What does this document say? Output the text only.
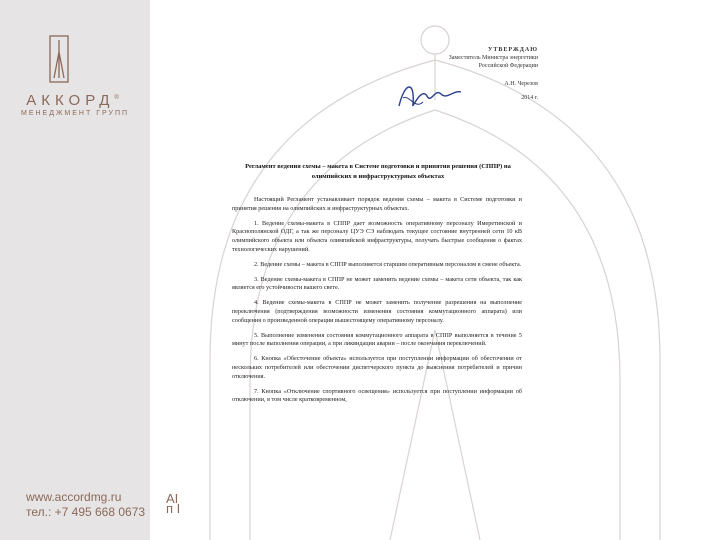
АККОРД®
МЕНЕДЖМЕНТ ГРУПП
www.accordmg.ru
тел.: +7 495 668 0673
AI
п І
УТВЕРЖДАЮ
Заместитель Министра энергетики
Российской Федерации
А.Н. Черезов
2014 г.
Регламент ведения схемы – макета в Системе подготовки и принятия решения (СППР) на олимпийских и инфраструктурных объектах

Настоящий Регламент устанавливает порядок ведения схемы – макета в Системе подготовки и принятия решения на олимпийских и инфраструктурных объектах.

1. Ведение схемы-макета в СППР дает возможность оперативному персоналу Имеретинской и Краснополянской ОДГ, а так же персоналу ЦУЭ СЭ наблюдать текущее состояние внутренней сети 10 кВ олимпийского объекта или объекта олимпийской инфраструктуры, получать быстрые сообщения о фактах технологических нарушений.

2. Ведение схемы – макета в СППР выполняется старшим оперативным персоналом в смене объекта.

3. Ведение схемы-макета в СППР не может заменить ведение схемы – макета сети объекта, так как является его устойчивости вашего свете.

4. Ведение схемы-макета в СППР не может заменить получение разрешения на выполнение переключения (подтверждения возможности изменения состояния коммутационного аппарата) или сообщения о произведенной операции вышестоящему оперативному персоналу.

5. Выполнение изменения состояния коммутационного аппарата в СППР выполняется в течение 5 минут после выполнения операции, а при ликвидации аварии – после окончания переключений.

6. Кнопка «Обесточение объекта» используется при поступлении информации об обесточении от нескольких потребителей или обесточении диспетчерского пункта до выяснения потребителей и причин отключения.

7. Кнопка «Отключение спортивного освещения» используется при поступлении информации об отключении, в том числе кратковременном,
